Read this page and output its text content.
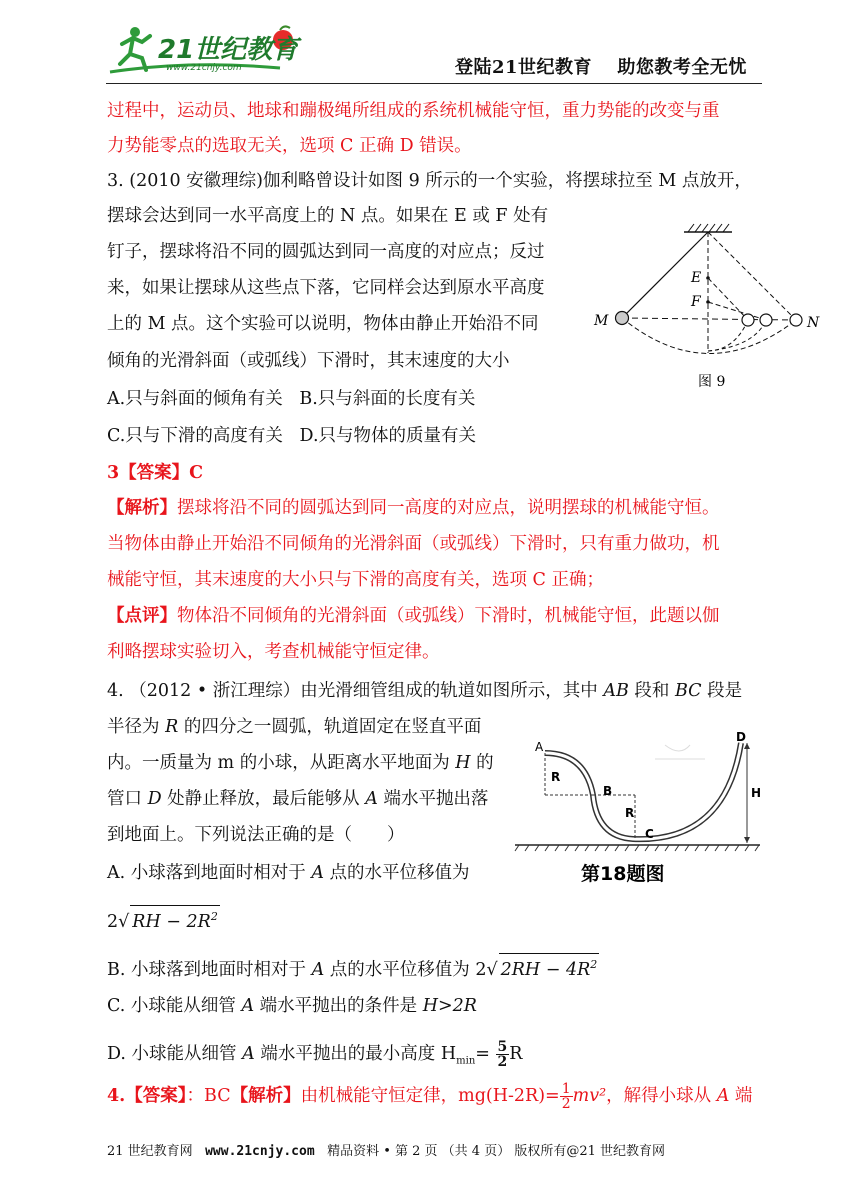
21世纪教育
www.21cnjy.com	登陆21世纪教育　 助您教考全无忧
过程中，运动员、地球和蹦极绳所组成的系统机械能守恒，重力势能的改变与重
力势能零点的选取无关，选项 C 正确 D 错误。
3. (2010 安徽理综)伽利略曾设计如图 9 所示的一个实验，将摆球拉至 M 点放开，
摆球会达到同一水平高度上的 N 点。如果在 E 或 F 处有
钉子，摆球将沿不同的圆弧达到同一高度的对应点；反过
来，如果让摆球从这些点下落，它同样会达到原水平高度
上的 M 点。这个实验可以说明，物体由静止开始沿不同
倾角的光滑斜面（或弧线）下滑时，其末速度的大小
A.只与斜面的倾角有关 B.只与斜面的长度有关
C.只与下滑的高度有关 D.只与物体的质量有关
E
F
M	N
图 9
3【答案】C
【解析】摆球将沿不同的圆弧达到同一高度的对应点，说明摆球的机械能守恒。
当物体由静止开始沿不同倾角的光滑斜面（或弧线）下滑时，只有重力做功，机
械能守恒，其末速度的大小只与下滑的高度有关，选项 C 正确；
【点评】物体沿不同倾角的光滑斜面（或弧线）下滑时，机械能守恒，此题以伽
利略摆球实验切入，考查机械能守恒定律。
4. （2012 • 浙江理综）由光滑细管组成的轨道如图所示，其中 AB 段和 BC 段是
半径为 R 的四分之一圆弧，轨道固定在竖直平面
内。一质量为 m 的小球，从距离水平地面为 H 的
管口 D 处静止释放，最后能够从 A 端水平抛出落
到地面上。下列说法正确的是（　　）
A. 小球落到地面时相对于 A 点的水平位移值为
2√ RH − $2R^2$
B. 小球落到地面时相对于 A 点的水平位移值为 2√ $2RH - 4R^2$
C. 小球能从细管 A 端水平抛出的条件是 H>2R
D. 小球能从细管 A 端水平抛出的最小高度 $H_{min}= \frac{5}{2}$ R
4.【答案】：BC【解析】由机械能守恒定律，$mg(H-2R)= \frac{1}{2} mv^2$，解得小球从 A 端
A
B
C
D
R
R
H
第18题图
21 世纪教育网 www.21cnjy.com 精品资料 • 第 2 页 （共 4 页） 版权所有@21 世纪教育网
